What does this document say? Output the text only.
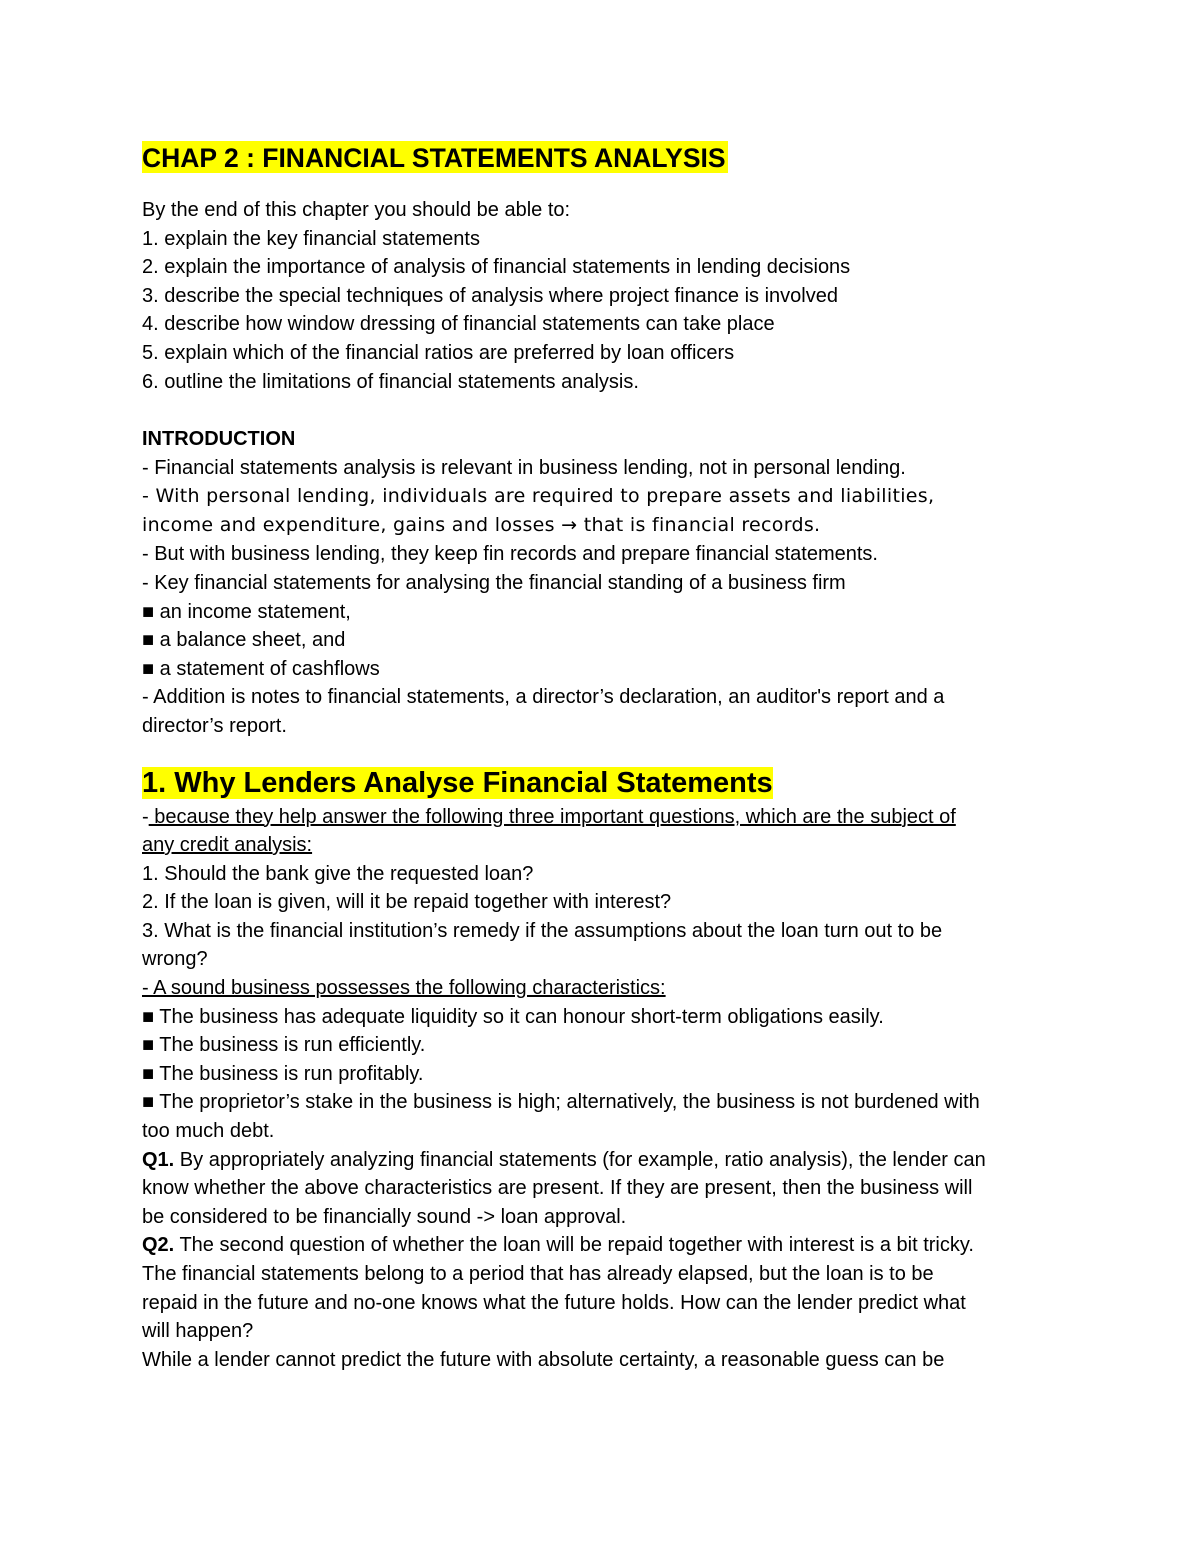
CHAP 2 : FINANCIAL STATEMENTS ANALYSIS

By the end of this chapter you should be able to:

1. explain the key financial statements

2. explain the importance of analysis of financial statements in lending decisions

3. describe the special techniques of analysis where project finance is involved

4. describe how window dressing of financial statements can take place

5. explain which of the financial ratios are preferred by loan officers

6. outline the limitations of financial statements analysis.

INTRODUCTION

- Financial statements analysis is relevant in business lending, not in personal lending.

- With personal lending, individuals are required to prepare assets and liabilities,

income and expenditure, gains and losses → that is financial records.

- But with business lending, they keep fin records and prepare financial statements.

- Key financial statements for analysing the financial standing of a business firm

■ an income statement,

■ a balance sheet, and

■ a statement of cashflows

- Addition is notes to financial statements, a director’s declaration, an auditor's report and a

director’s report.

1. Why Lenders Analyse Financial Statements

- because they help answer the following three important questions, which are the subject of

any credit analysis:

1. Should the bank give the requested loan?

2. If the loan is given, will it be repaid together with interest?

3. What is the financial institution’s remedy if the assumptions about the loan turn out to be

wrong?

- A sound business possesses the following characteristics:

■ The business has adequate liquidity so it can honour short-term obligations easily.

■ The business is run efficiently.

■ The business is run profitably.

■ The proprietor’s stake in the business is high; alternatively, the business is not burdened with

too much debt.

Q1. By appropriately analyzing financial statements (for example, ratio analysis), the lender can

know whether the above characteristics are present. If they are present, then the business will

be considered to be financially sound -> loan approval.

Q2. The second question of whether the loan will be repaid together with interest is a bit tricky.

The financial statements belong to a period that has already elapsed, but the loan is to be

repaid in the future and no-one knows what the future holds. How can the lender predict what

will happen?

While a lender cannot predict the future with absolute certainty, a reasonable guess can be
